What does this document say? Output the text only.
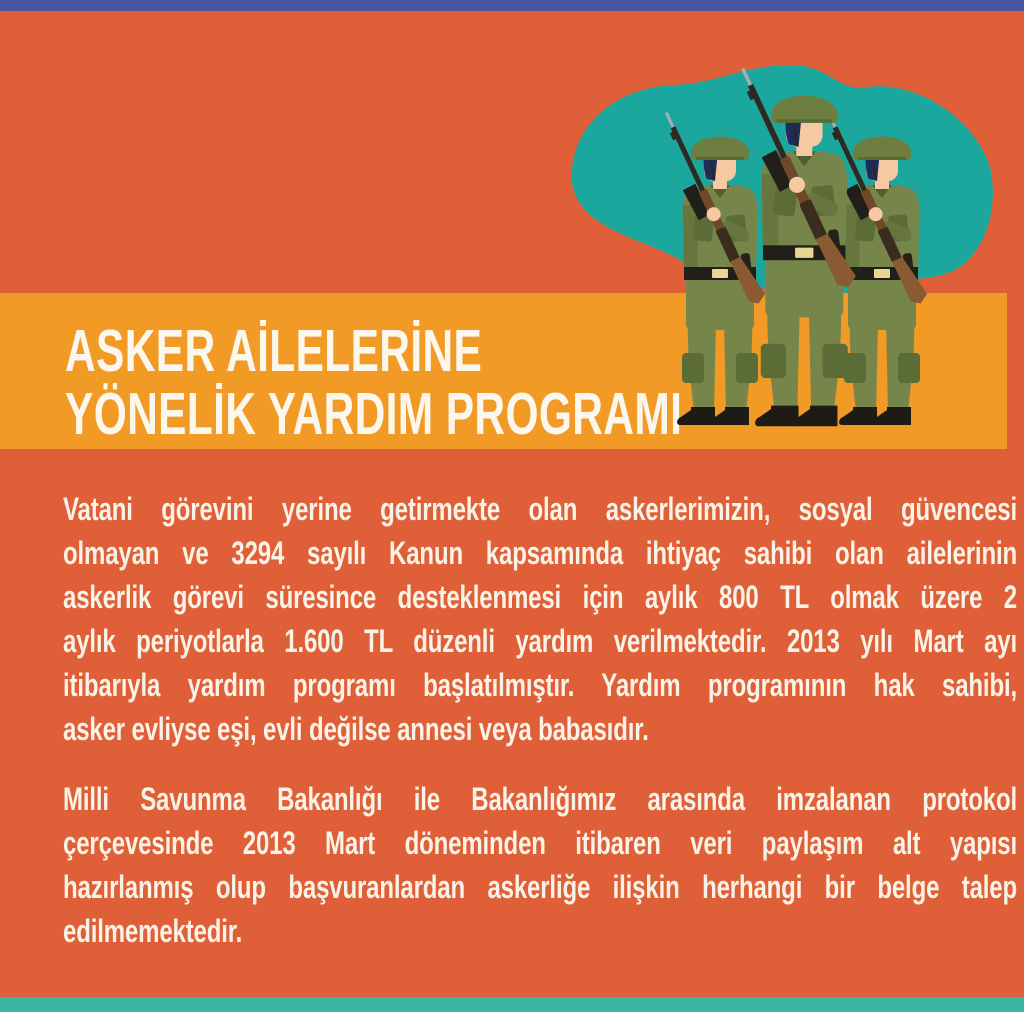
ASKER AİLELERİNE
YÖNELİK YARDIM PROGRAMI
Vatani görevini yerine getirmekte olan askerlerimizin, sosyal güvencesi
olmayan ve 3294 sayılı Kanun kapsamında ihtiyaç sahibi olan ailelerinin
askerlik görevi süresince desteklenmesi için aylık 800 TL olmak üzere 2
aylık periyotlarla 1.600 TL düzenli yardım verilmektedir. 2013 yılı Mart ayı
itibarıyla yardım programı başlatılmıştır. Yardım programının hak sahibi,
asker evliyse eşi, evli değilse annesi veya babasıdır.
Milli Savunma Bakanlığı ile Bakanlığımız arasında imzalanan protokol
çerçevesinde 2013 Mart döneminden itibaren veri paylaşım alt yapısı
hazırlanmış olup başvuranlardan askerliğe ilişkin herhangi bir belge talep
edilmemektedir.
